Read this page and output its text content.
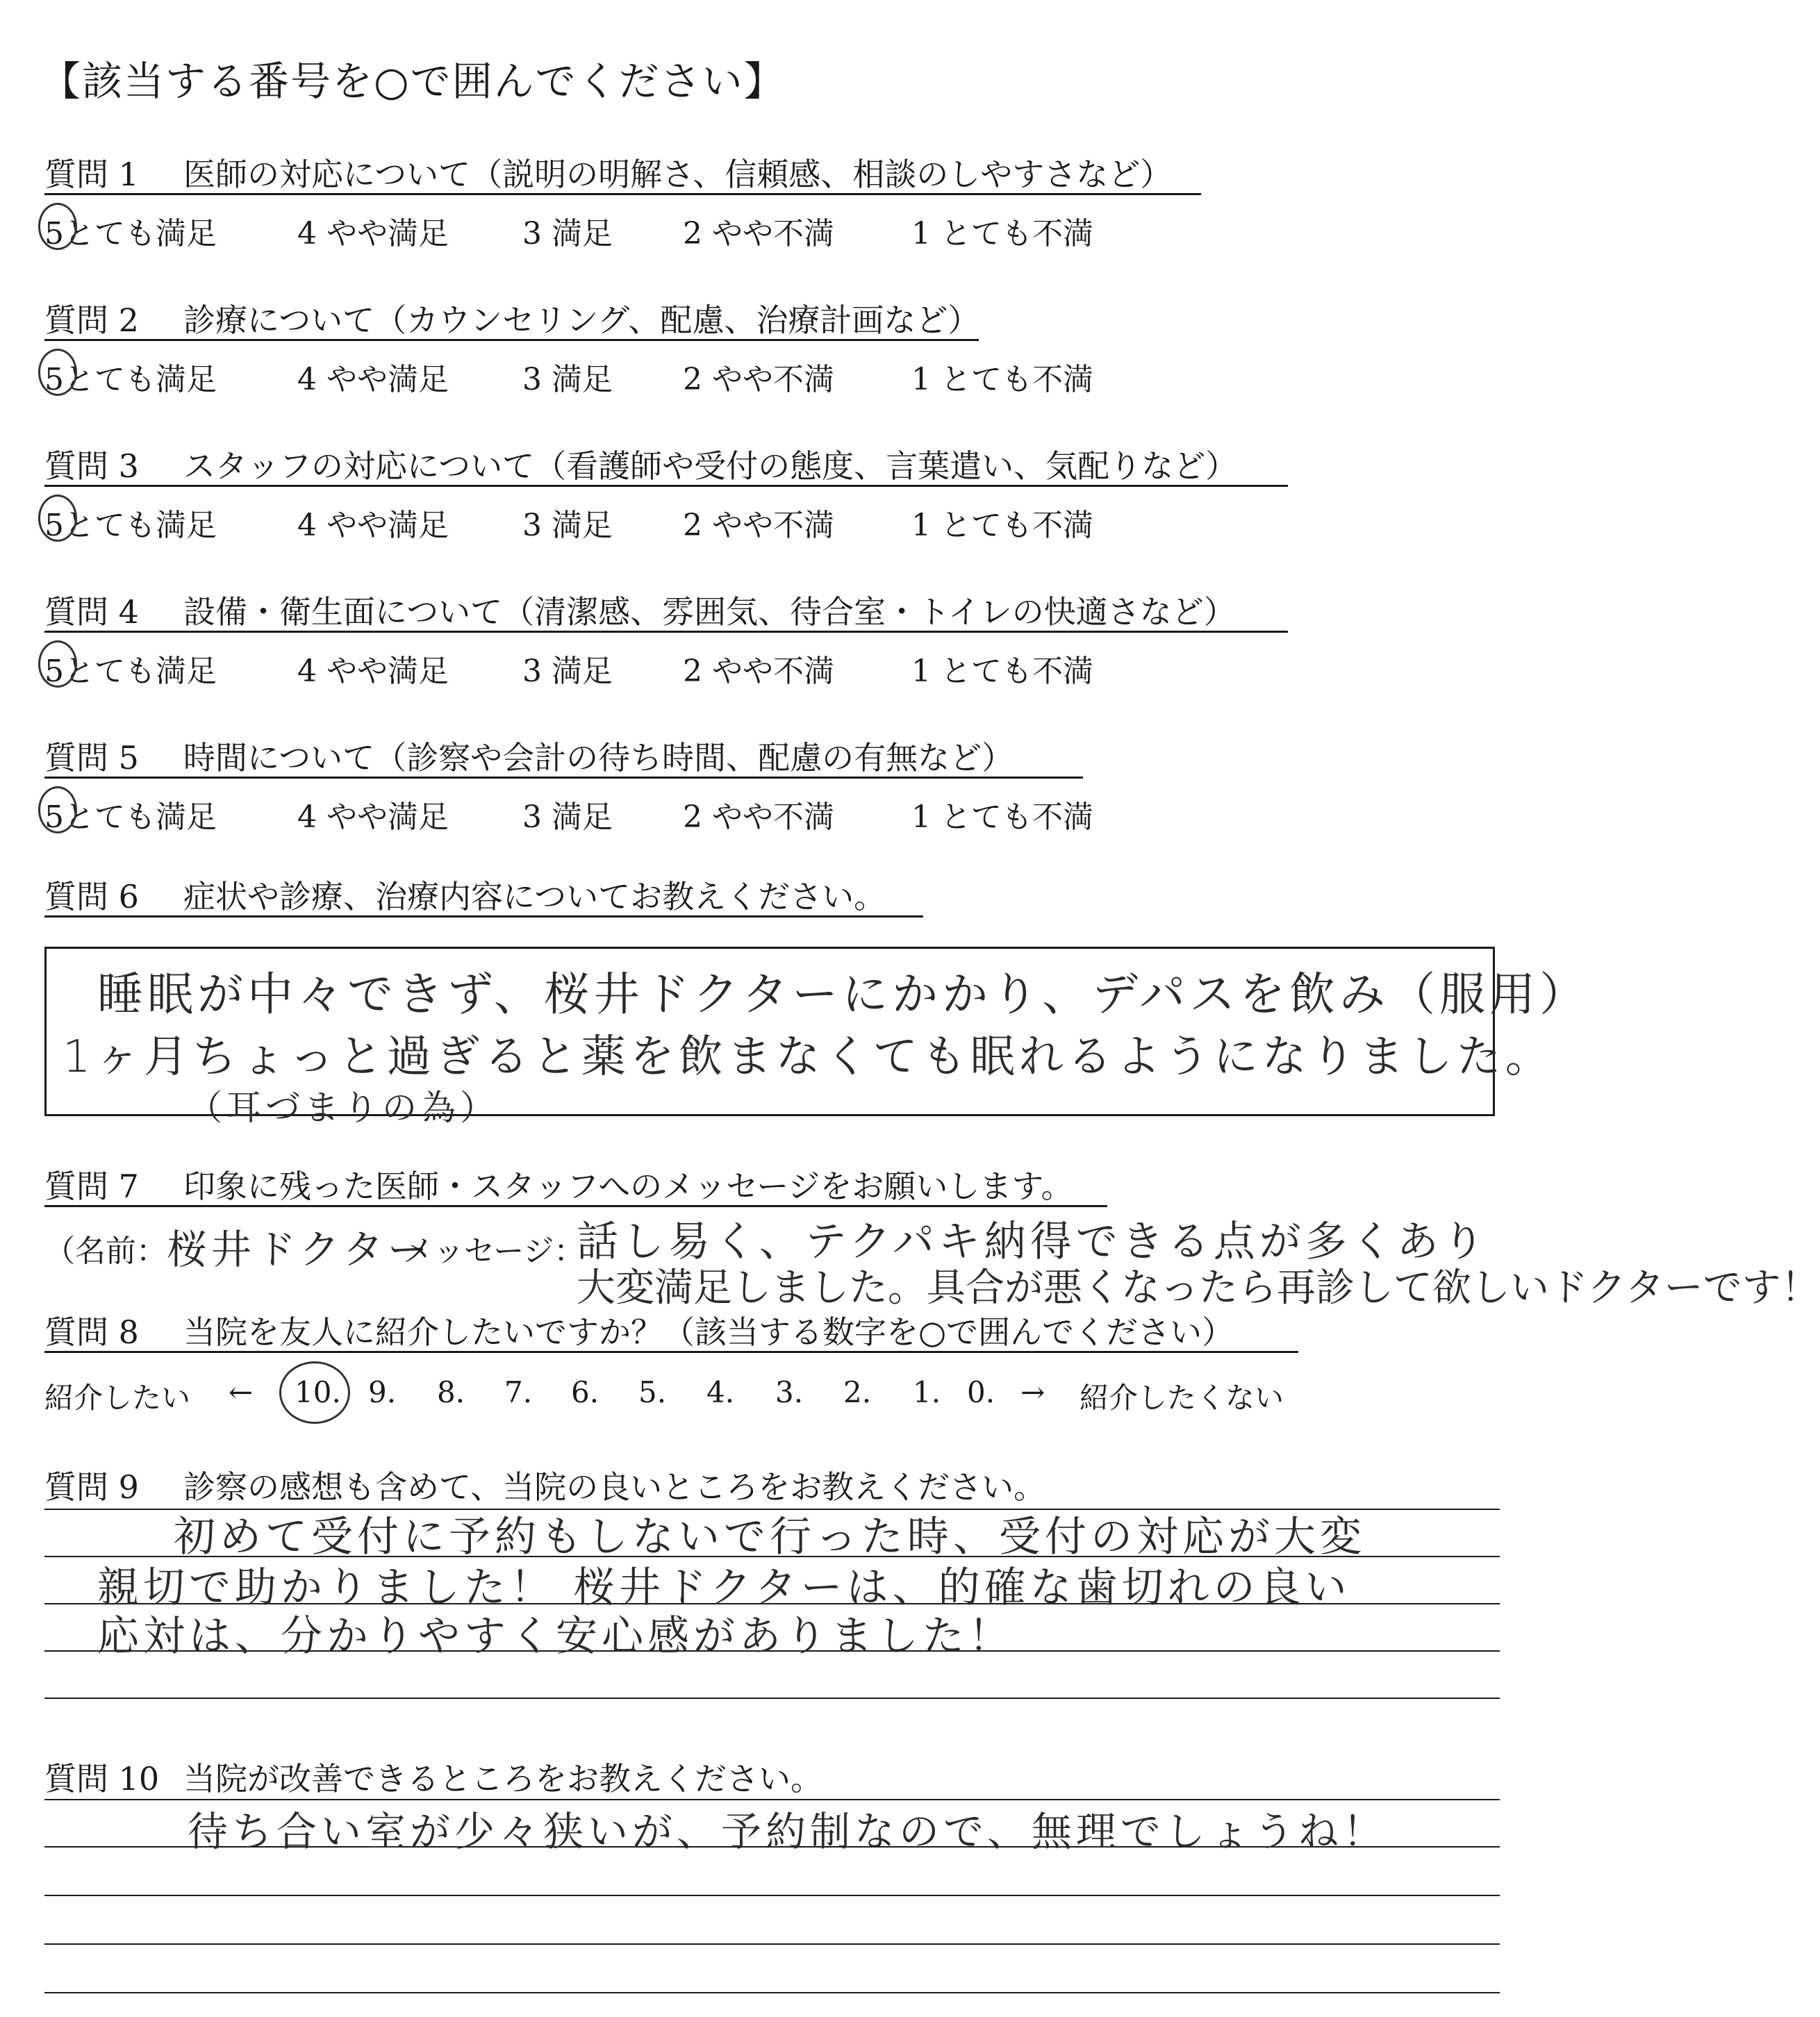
【該当する番号を○で囲んでください】
質問 1 医師の対応について（説明の明解さ、信頼感、相談のしやすさなど）
5とても満足	4 やや満足 3 満足 2 やや不満	1 とても不満
質問 2 診療について（カウンセリング、配慮、治療計画など）
5とても満足	4 やや満足 3 満足 2 やや不満	1 とても不満
質問 3 スタッフの対応について（看護師や受付の態度、言葉遣い、気配りなど）
5とても満足	4 やや満足 3 満足 2 やや不満	1 とても不満
質問 4 設備・衛生面について（清潔感、雰囲気、待合室・トイレの快適さなど）
5とても満足	4 やや満足 3 満足 2 やや不満	1 とても不満
質問 5 時間について（診察や会計の待ち時間、配慮の有無など）
5とても満足	4 やや満足 3 満足 2 やや不満	1 とても不満
質問 6 症状や診療、治療内容についてお教えください。
睡眠が中々できず、桜井ドクターにかかり、デパスを飲み（服用）
1ヶ月ちょっと過ぎると薬を飲まなくても眠れるようになりました。
（耳づまりの為）
質問 7 印象に残った医師・スタッフへのメッセージをお願いします。
（名前： 桜井ドクター
メッセージ：
話し易く、テクパキ納得できる点が多くあり
大変満足しました。具合が悪くなったら再診して欲しいドクターです！
質問 8 当院を友人に紹介したいですか？（該当する数字を○で囲んでください）
紹介したい ←	→ 紹介したくない
10. 9. 8. 7. 6. 5. 4. 3. 2. 1. 0.
質問 9 診察の感想も含めて、当院の良いところをお教えください。
初めて受付に予約もしないで行った時、受付の対応が大変
親切で助かりました！ 桜井ドクターは、的確な歯切れの良い
応対は、分かりやすく安心感がありました！
質問 10 当院が改善できるところをお教えください。
待ち合い室が少々狭いが、予約制なので、無理でしょうね！
